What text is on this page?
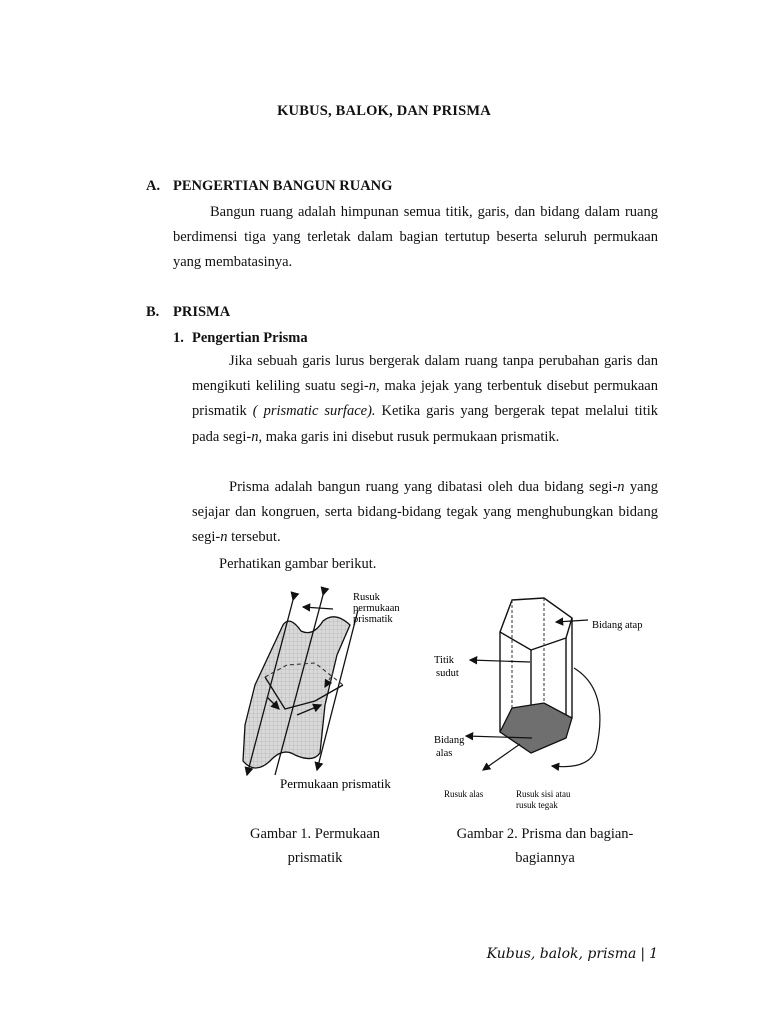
KUBUS, BALOK, DAN PRISMA
A. PENGERTIAN BANGUN RUANG

Bangun ruang adalah himpunan semua titik, garis, dan bidang dalam ruang berdimensi tiga yang terletak dalam bagian tertutup beserta seluruh permukaan yang membatasinya.

B. PRISMA
1. Pengertian Prisma

Jika sebuah garis lurus bergerak dalam ruang tanpa perubahan garis dan mengikuti keliling suatu segi-n, maka jejak yang terbentuk disebut permukaan prismatik ( prismatic surface). Ketika garis yang bergerak tepat melalui titik pada segi-n, maka garis ini disebut rusuk permukaan prismatik.

Prisma adalah bangun ruang yang dibatasi oleh dua bidang segi-n yang sejajar dan kongruen, serta bidang-bidang tegak yang menghubungkan bidang segi-n tersebut.

Perhatikan gambar berikut.
Rusuk
permukaan
prismatik
Permukaan prismatik
Bidang atap
Titik
sudut
Bidang
alas
Rusuk alas	Rusuk sisi atau
rusuk tegak
Gambar 1. Permukaan
prismatik
Gambar 2. Prisma dan bagian-
bagiannya
Kubus, balok, prisma | 1
